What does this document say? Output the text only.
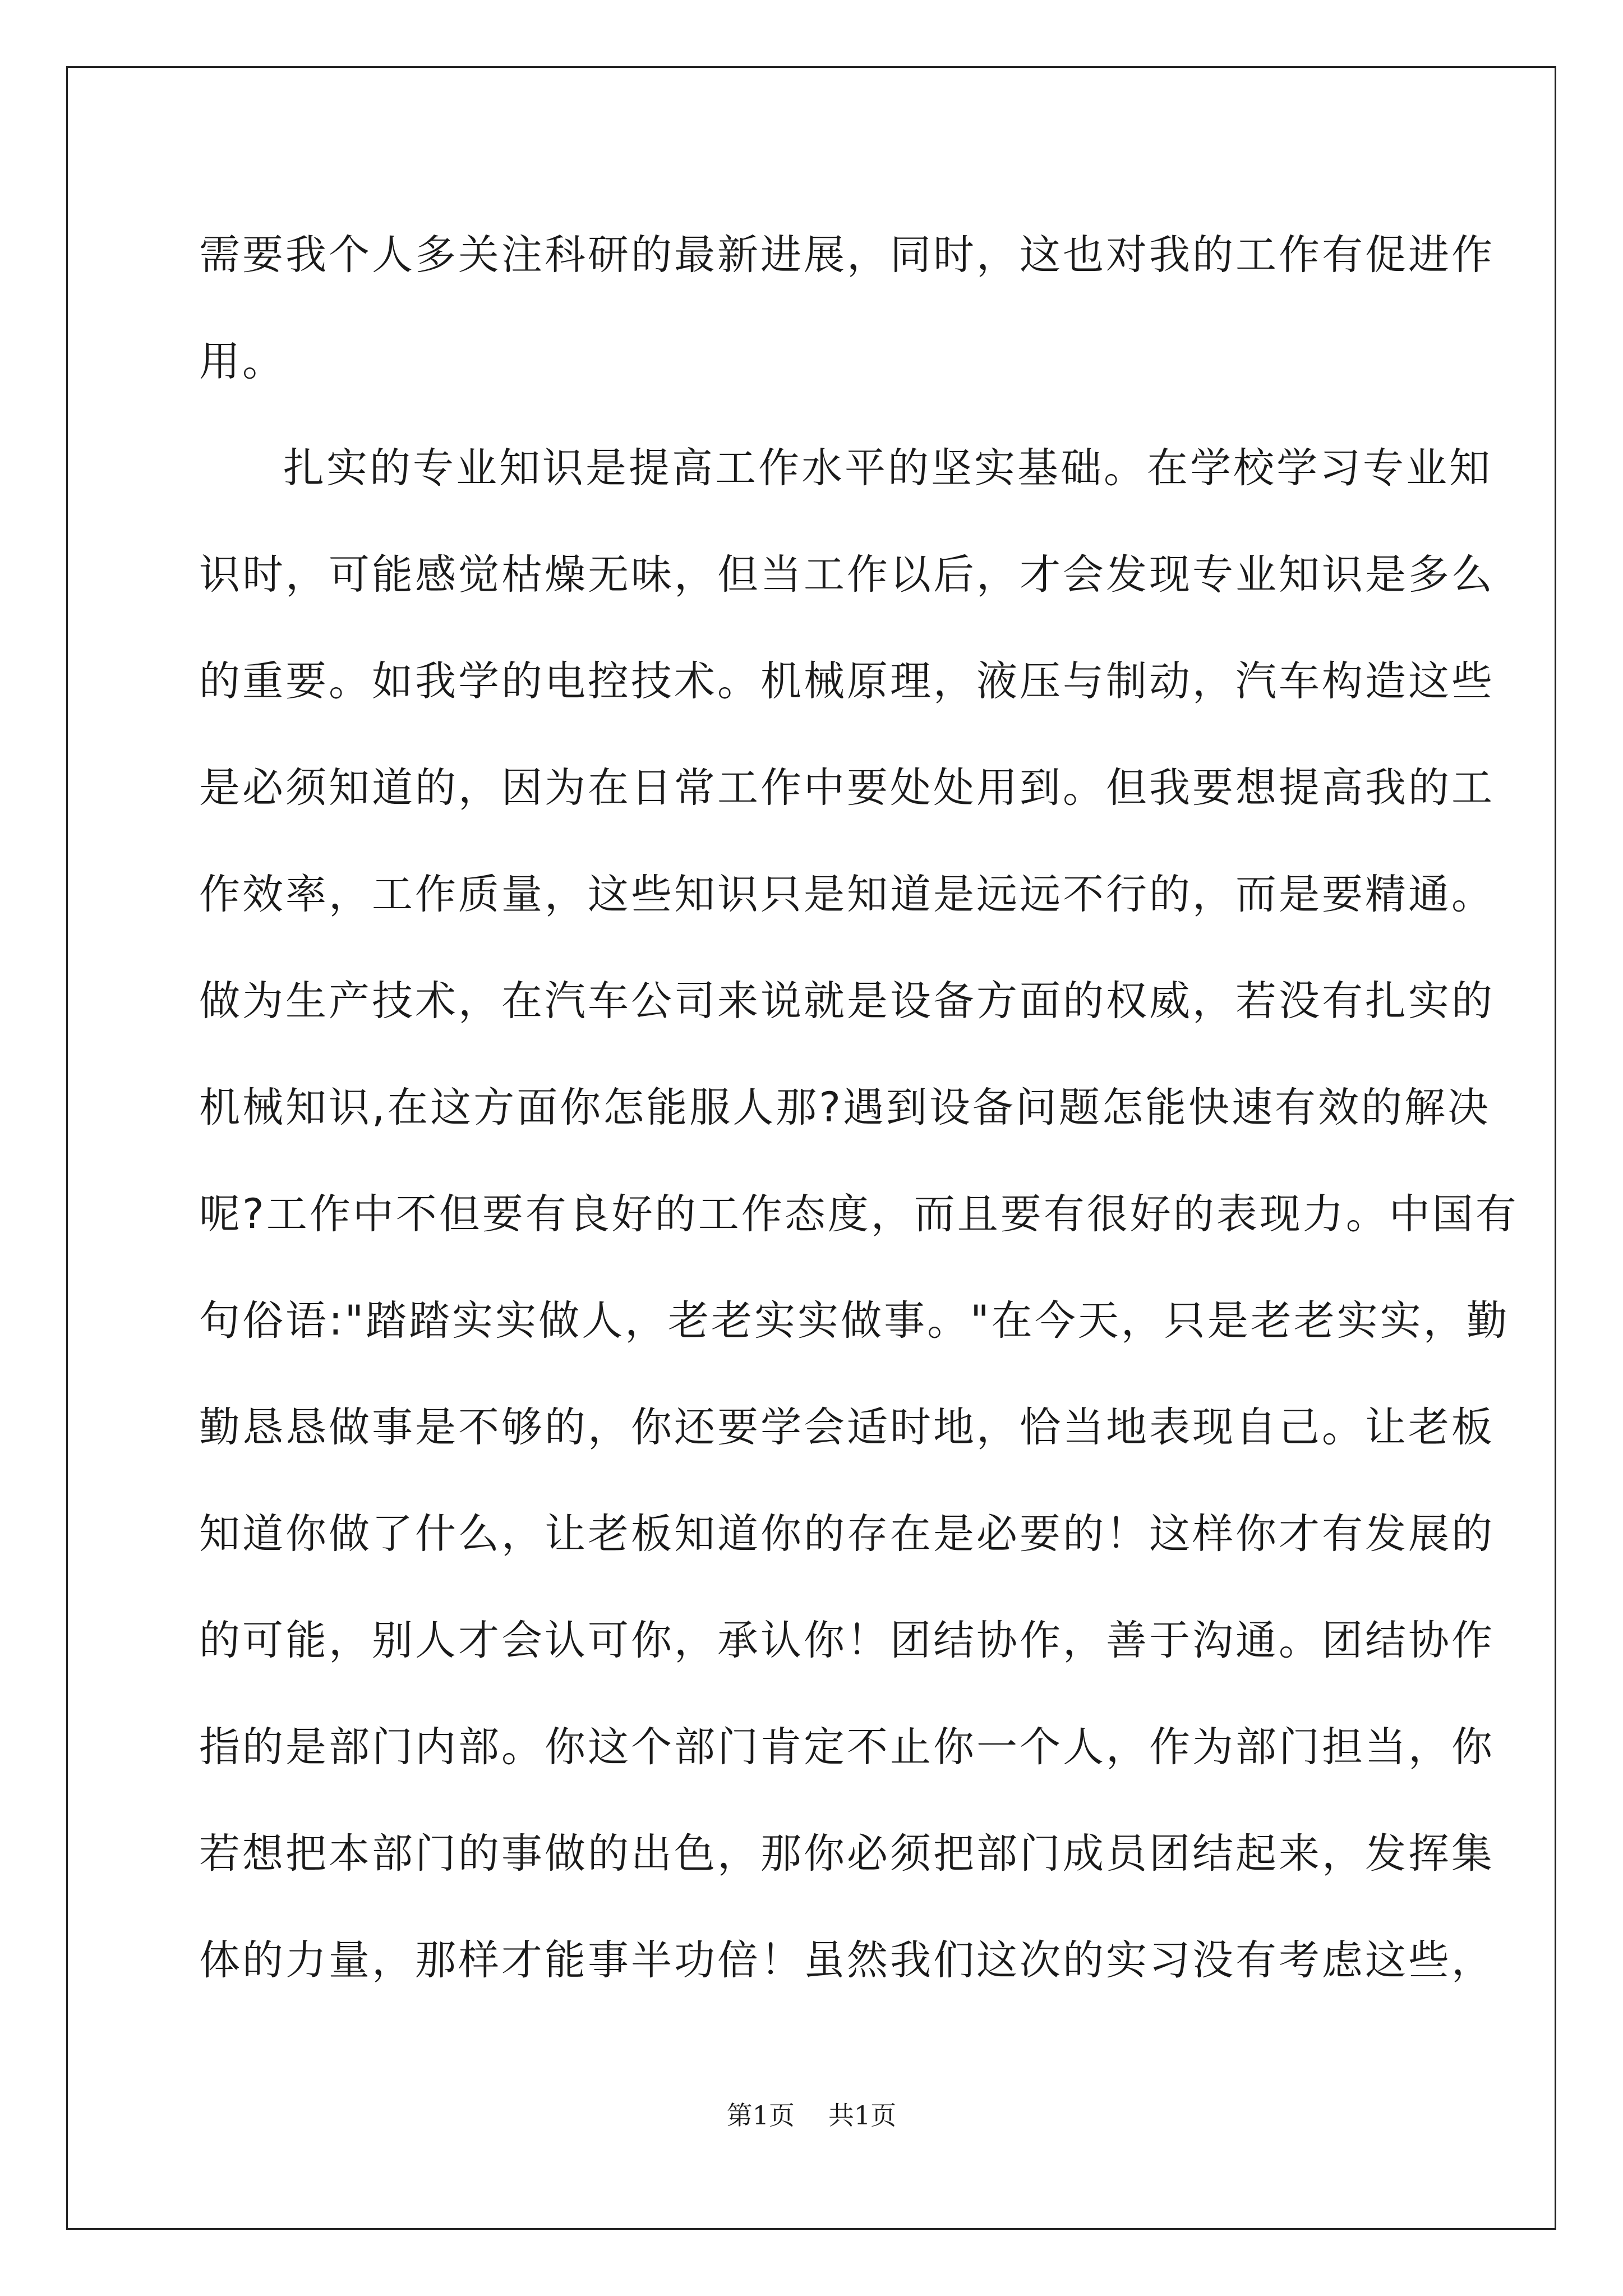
需要我个人多关注科研的最新进展，同时，这也对我的工作有促进作
用。
扎实的专业知识是提高工作水平的坚实基础。在学校学习专业知
识时，可能感觉枯燥无味，但当工作以后，才会发现专业知识是多么
的重要。如我学的电控技术。机械原理，液压与制动，汽车构造这些
是必须知道的，因为在日常工作中要处处用到。但我要想提高我的工
作效率，工作质量，这些知识只是知道是远远不行的，而是要精通。
做为生产技术，在汽车公司来说就是设备方面的权威，若没有扎实的
机械知识,在这方面你怎能服人那?遇到设备问题怎能快速有效的解决
呢?工作中不但要有良好的工作态度，而且要有很好的表现力。中国有
句俗语:"踏踏实实做人，老老实实做事。"在今天，只是老老实实，勤
勤恳恳做事是不够的，你还要学会适时地，恰当地表现自己。让老板
知道你做了什么，让老板知道你的存在是必要的！这样你才有发展的
的可能，别人才会认可你，承认你！团结协作，善于沟通。团结协作
指的是部门内部。你这个部门肯定不止你一个人，作为部门担当，你
若想把本部门的事做的出色，那你必须把部门成员团结起来，发挥集
体的力量，那样才能事半功倍！虽然我们这次的实习没有考虑这些，
第1页 共1页
